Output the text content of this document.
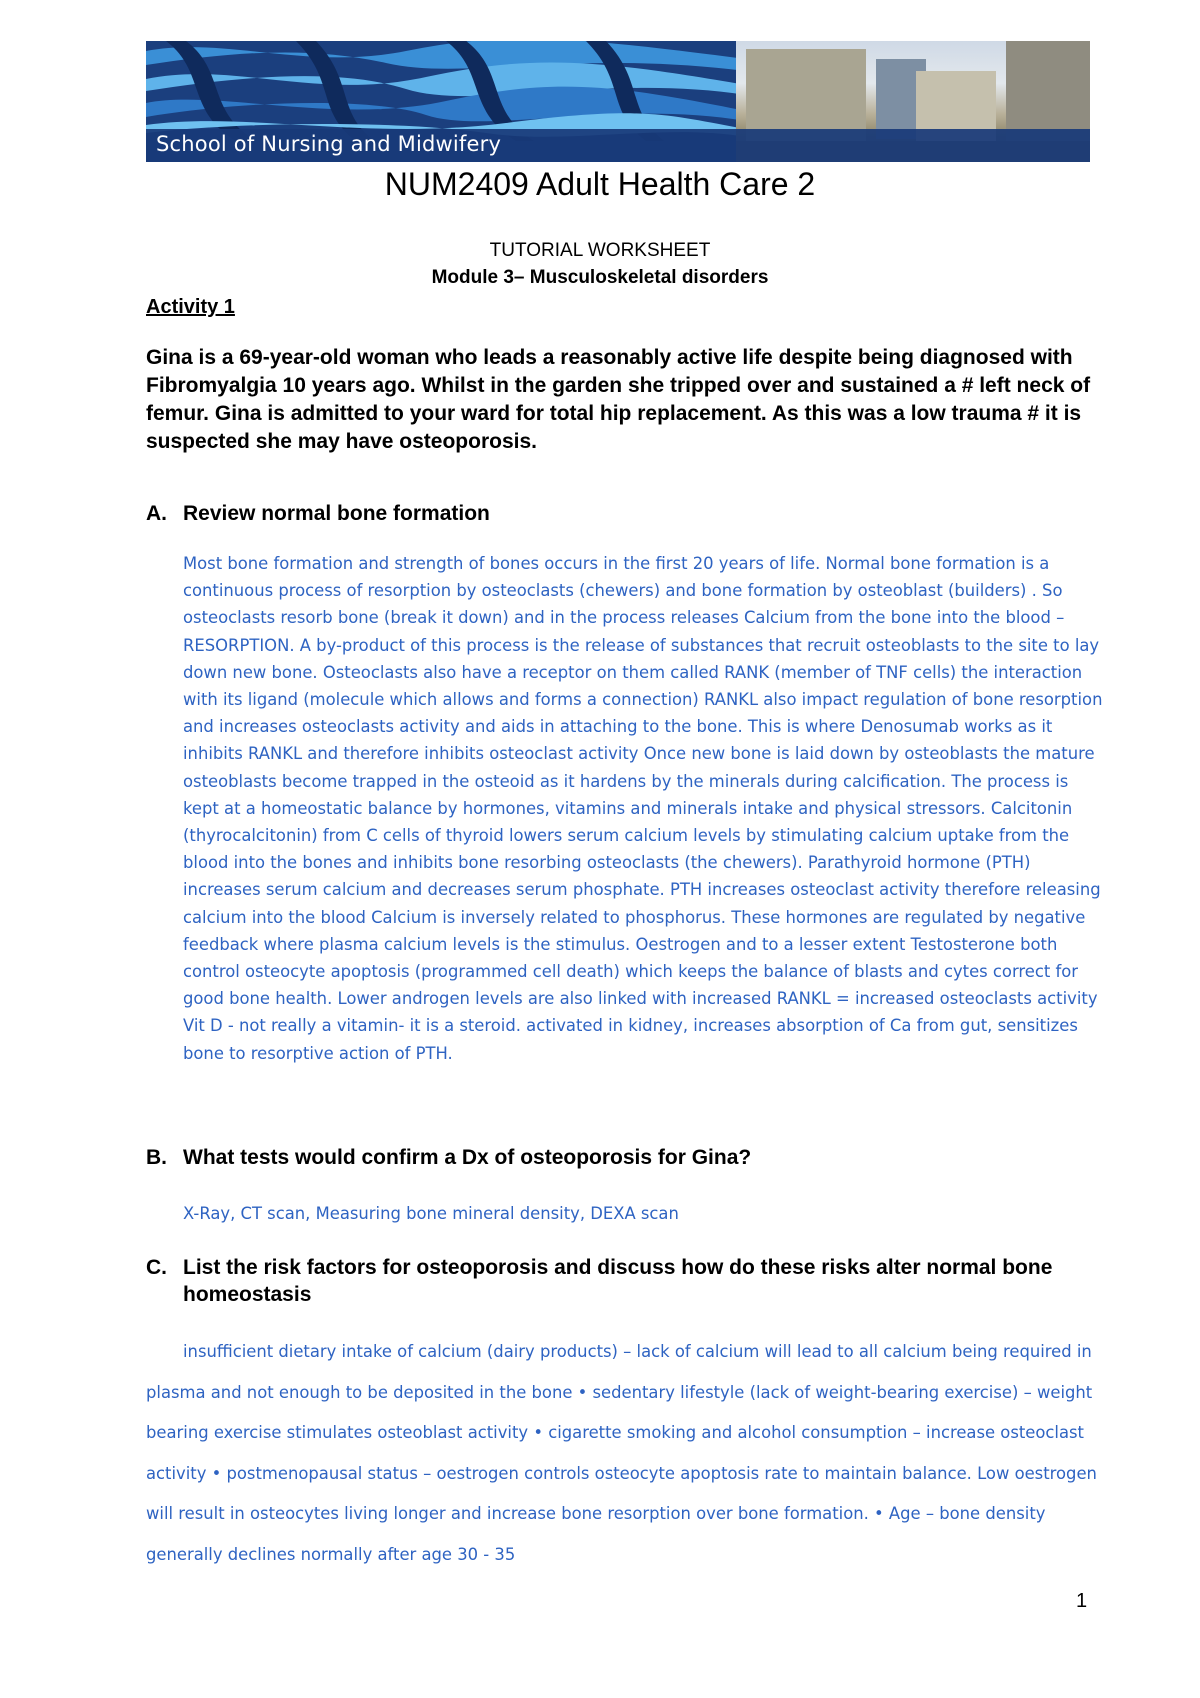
School of Nursing and Midwifery
NUM2409 Adult Health Care 2
TUTORIAL WORKSHEET
Module 3– Musculoskeletal disorders
Activity 1

Gina is a 69-year-old woman who leads a reasonably active life despite being diagnosed with Fibromyalgia 10 years ago. Whilst in the garden she tripped over and sustained a # left neck of femur. Gina is admitted to your ward for total hip replacement. As this was a low trauma # it is suspected she may have osteoporosis.

A. Review normal bone formation

Most bone formation and strength of bones occurs in the first 20 years of life. Normal bone formation is a continuous process of resorption by osteoclasts (chewers) and bone formation by osteoblast (builders) . So osteoclasts resorb bone (break it down) and in the process releases Calcium from the bone into the blood – RESORPTION. A by-product of this process is the release of substances that recruit osteoblasts to the site to lay down new bone. Osteoclasts also have a receptor on them called RANK (member of TNF cells) the interaction with its ligand (molecule which allows and forms a connection) RANKL also impact regulation of bone resorption and increases osteoclasts activity and aids in attaching to the bone. This is where Denosumab works as it inhibits RANKL and therefore inhibits osteoclast activity Once new bone is laid down by osteoblasts the mature osteoblasts become trapped in the osteoid as it hardens by the minerals during calcification. The process is kept at a homeostatic balance by hormones, vitamins and minerals intake and physical stressors. Calcitonin (thyrocalcitonin) from C cells of thyroid lowers serum calcium levels by stimulating calcium uptake from the blood into the bones and inhibits bone resorbing osteoclasts (the chewers). Parathyroid hormone (PTH) increases serum calcium and decreases serum phosphate. PTH increases osteoclast activity therefore releasing calcium into the blood Calcium is inversely related to phosphorus. These hormones are regulated by negative feedback where plasma calcium levels is the stimulus. Oestrogen and to a lesser extent Testosterone both control osteocyte apoptosis (programmed cell death) which keeps the balance of blasts and cytes correct for good bone health. Lower androgen levels are also linked with increased RANKL = increased osteoclasts activity Vit D - not really a vitamin- it is a steroid. activated in kidney, increases absorption of Ca from gut, sensitizes bone to resorptive action of PTH.

B. What tests would confirm a Dx of osteoporosis for Gina?

X-Ray, CT scan, Measuring bone mineral density, DEXA scan

C. List the risk factors for osteoporosis and discuss how do these risks alter normal bone homeostasis

insufficient dietary intake of calcium (dairy products) – lack of calcium will lead to all calcium being required in plasma and not enough to be deposited in the bone • sedentary lifestyle (lack of weight-bearing exercise) – weight bearing exercise stimulates osteoblast activity • cigarette smoking and alcohol consumption – increase osteoclast activity • postmenopausal status – oestrogen controls osteocyte apoptosis rate to maintain balance. Low oestrogen will result in osteocytes living longer and increase bone resorption over bone formation. • Age – bone density generally declines normally after age 30 - 35

1
